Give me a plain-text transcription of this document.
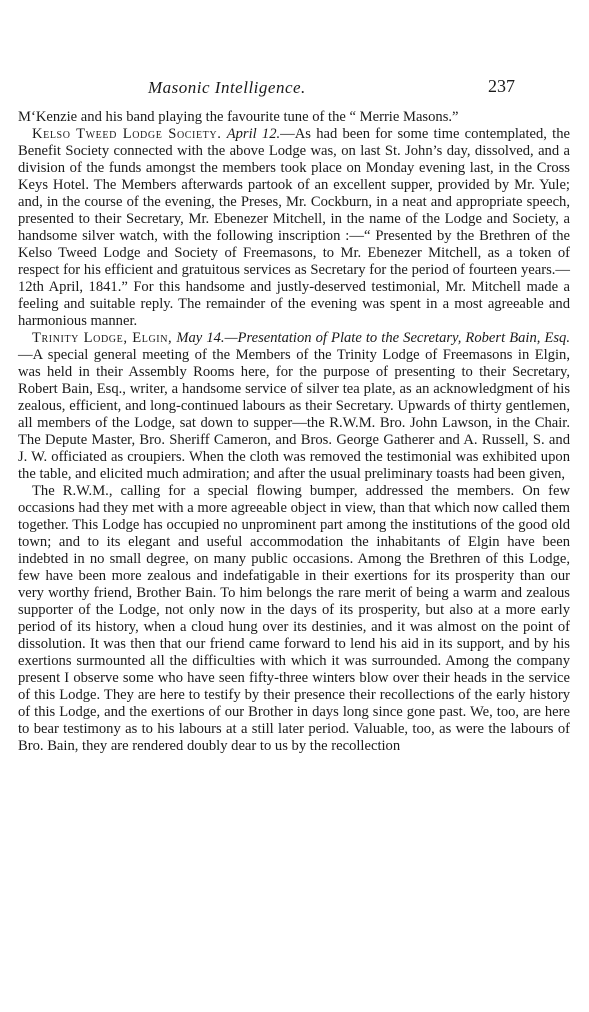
Masonic Intelligence.	237

M‘Kenzie and his band playing the favourite tune of the “ Merrie Masons.”

Kelso Tweed Lodge Society. April 12.—As had been for some time contemplated, the Benefit Society connected with the above Lodge was, on last St. John’s day, dissolved, and a division of the funds amongst the members took place on Monday evening last, in the Cross Keys Hotel. The Members afterwards partook of an excellent supper, provided by Mr. Yule; and, in the course of the evening, the Preses, Mr. Cockburn, in a neat and appropriate speech, presented to their Secretary, Mr. Ebenezer Mitchell, in the name of the Lodge and Society, a handsome silver watch, with the following inscription :—“ Presented by the Brethren of the Kelso Tweed Lodge and Society of Freemasons, to Mr. Ebenezer Mitchell, as a token of respect for his efficient and gratuitous services as Secretary for the period of fourteen years.—12th April, 1841.” For this handsome and justly-deserved testimonial, Mr. Mitchell made a feeling and suitable reply. The remainder of the evening was spent in a most agreeable and harmonious manner.

Trinity Lodge, Elgin, May 14.—Presentation of Plate to the Secretary, Robert Bain, Esq.—A special general meeting of the Members of the Trinity Lodge of Freemasons in Elgin, was held in their Assembly Rooms here, for the purpose of presenting to their Secretary, Robert Bain, Esq., writer, a handsome service of silver tea plate, as an acknowledgment of his zealous, efficient, and long-continued labours as their Secretary. Upwards of thirty gentlemen, all members of the Lodge, sat down to supper—the R.W.M. Bro. John Lawson, in the Chair. The Depute Master, Bro. Sheriff Cameron, and Bros. George Gatherer and A. Russell, S. and J. W. officiated as croupiers. When the cloth was removed the testimonial was exhibited upon the table, and elicited much admiration; and after the usual preliminary toasts had been given,

The R.W.M., calling for a special flowing bumper, addressed the members. On few occasions had they met with a more agreeable object in view, than that which now called them together. This Lodge has occupied no unprominent part among the institutions of the good old town; and to its elegant and useful accommodation the inhabitants of Elgin have been indebted in no small degree, on many public occasions. Among the Brethren of this Lodge, few have been more zealous and indefatigable in their exertions for its prosperity than our very worthy friend, Brother Bain. To him belongs the rare merit of being a warm and zealous supporter of the Lodge, not only now in the days of its prosperity, but also at a more early period of its history, when a cloud hung over its destinies, and it was almost on the point of dissolution. It was then that our friend came forward to lend his aid in its support, and by his exertions surmounted all the difficulties with which it was surrounded. Among the company present I observe some who have seen fifty-three winters blow over their heads in the service of this Lodge. They are here to testify by their presence their recollections of the early history of this Lodge, and the exertions of our Brother in days long since gone past. We, too, are here to bear testimony as to his labours at a still later period. Valuable, too, as were the labours of Bro. Bain, they are rendered doubly dear to us by the recollection
